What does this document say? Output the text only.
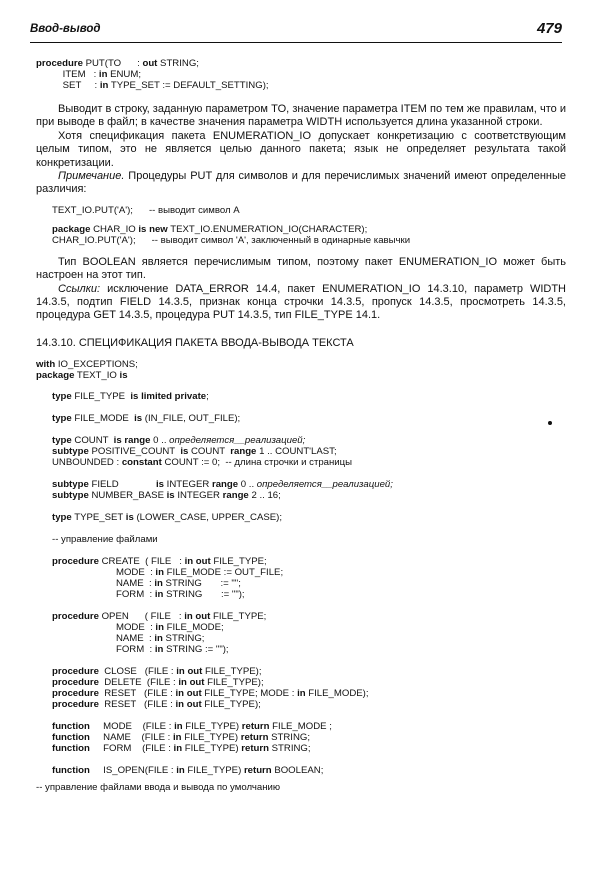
Ввод-вывод	479
procedure PUT(TO      : out STRING;
ITEM   : in ENUM;
SET     : in TYPE_SET := DEFAULT_SETTING);

Выводит в строку, заданную параметром TO, значение параметра ITEM по тем же правилам, что и при выводе в файл; в качестве значения параметра WIDTH используется длина указанной строки.

Хотя спецификация пакета ENUMERATION_IO допускает конкретизацию с соответствующим целым типом, это не является целью данного пакета; язык не определяет результата такой конкретизации.

Примечание. Процедуры PUT для символов и для перечислимых значений имеют определенные различия:

TEXT_IO.PUT('A');      -- выводит символ A
package CHAR_IO is new TEXT_IO.ENUMERATION_IO(CHARACTER);
CHAR_IO.PUT('A');      -- выводит символ 'A', заключенный в одинарные кавычки

Тип BOOLEAN является перечислимым типом, поэтому пакет ENUMERATION_IO может быть настроен на этот тип.

Ссылки: исключение DATA_ERROR 14.4, пакет ENUMERATION_IO 14.3.10, параметр WIDTH 14.3.5, подтип FIELD 14.3.5, признак конца строчки 14.3.5, пропуск 14.3.5, просмотреть 14.3.5, процедура GET 14.3.5, процедура PUT 14.3.5, тип FILE_TYPE 14.1.

14.3.10. СПЕЦИФИКАЦИЯ ПАКЕТА ВВОДА-ВЫВОДА ТЕКСТА

with IO_EXCEPTIONS;
package TEXT_IO is
type FILE_TYPE  is limited private;

type FILE_MODE  is (IN_FILE, OUT_FILE);

type COUNT  is range 0 .. определяется__реализацией;
subtype POSITIVE_COUNT  is COUNT  range 1 .. COUNT'LAST;
UNBOUNDED : constant COUNT := 0;  -- длина строчки и страницы

subtype FIELD              is INTEGER range 0 .. определяется__реализацией;
subtype NUMBER_BASE is INTEGER range 2 .. 16;

type TYPE_SET is (LOWER_CASE, UPPER_CASE);

-- управление файлами

procedure CREATE  ( FILE   : in out FILE_TYPE;
MODE  : in FILE_MODE := OUT_FILE;
NAME  : in STRING       := "";
FORM  : in STRING       := "");

procedure OPEN      ( FILE   : in out FILE_TYPE;
MODE  : in FILE_MODE;
NAME  : in STRING;
FORM  : in STRING := "");

procedure  CLOSE   (FILE : in out FILE_TYPE);
procedure  DELETE  (FILE : in out FILE_TYPE);
procedure  RESET   (FILE : in out FILE_TYPE; MODE : in FILE_MODE);
procedure  RESET   (FILE : in out FILE_TYPE);

function     MODE    (FILE : in FILE_TYPE) return FILE_MODE ;
function     NAME    (FILE : in FILE_TYPE) return STRING;
function     FORM    (FILE : in FILE_TYPE) return STRING;

function     IS_OPEN(FILE : in FILE_TYPE) return BOOLEAN;
-- управление файлами ввода и вывода по умолчанию
